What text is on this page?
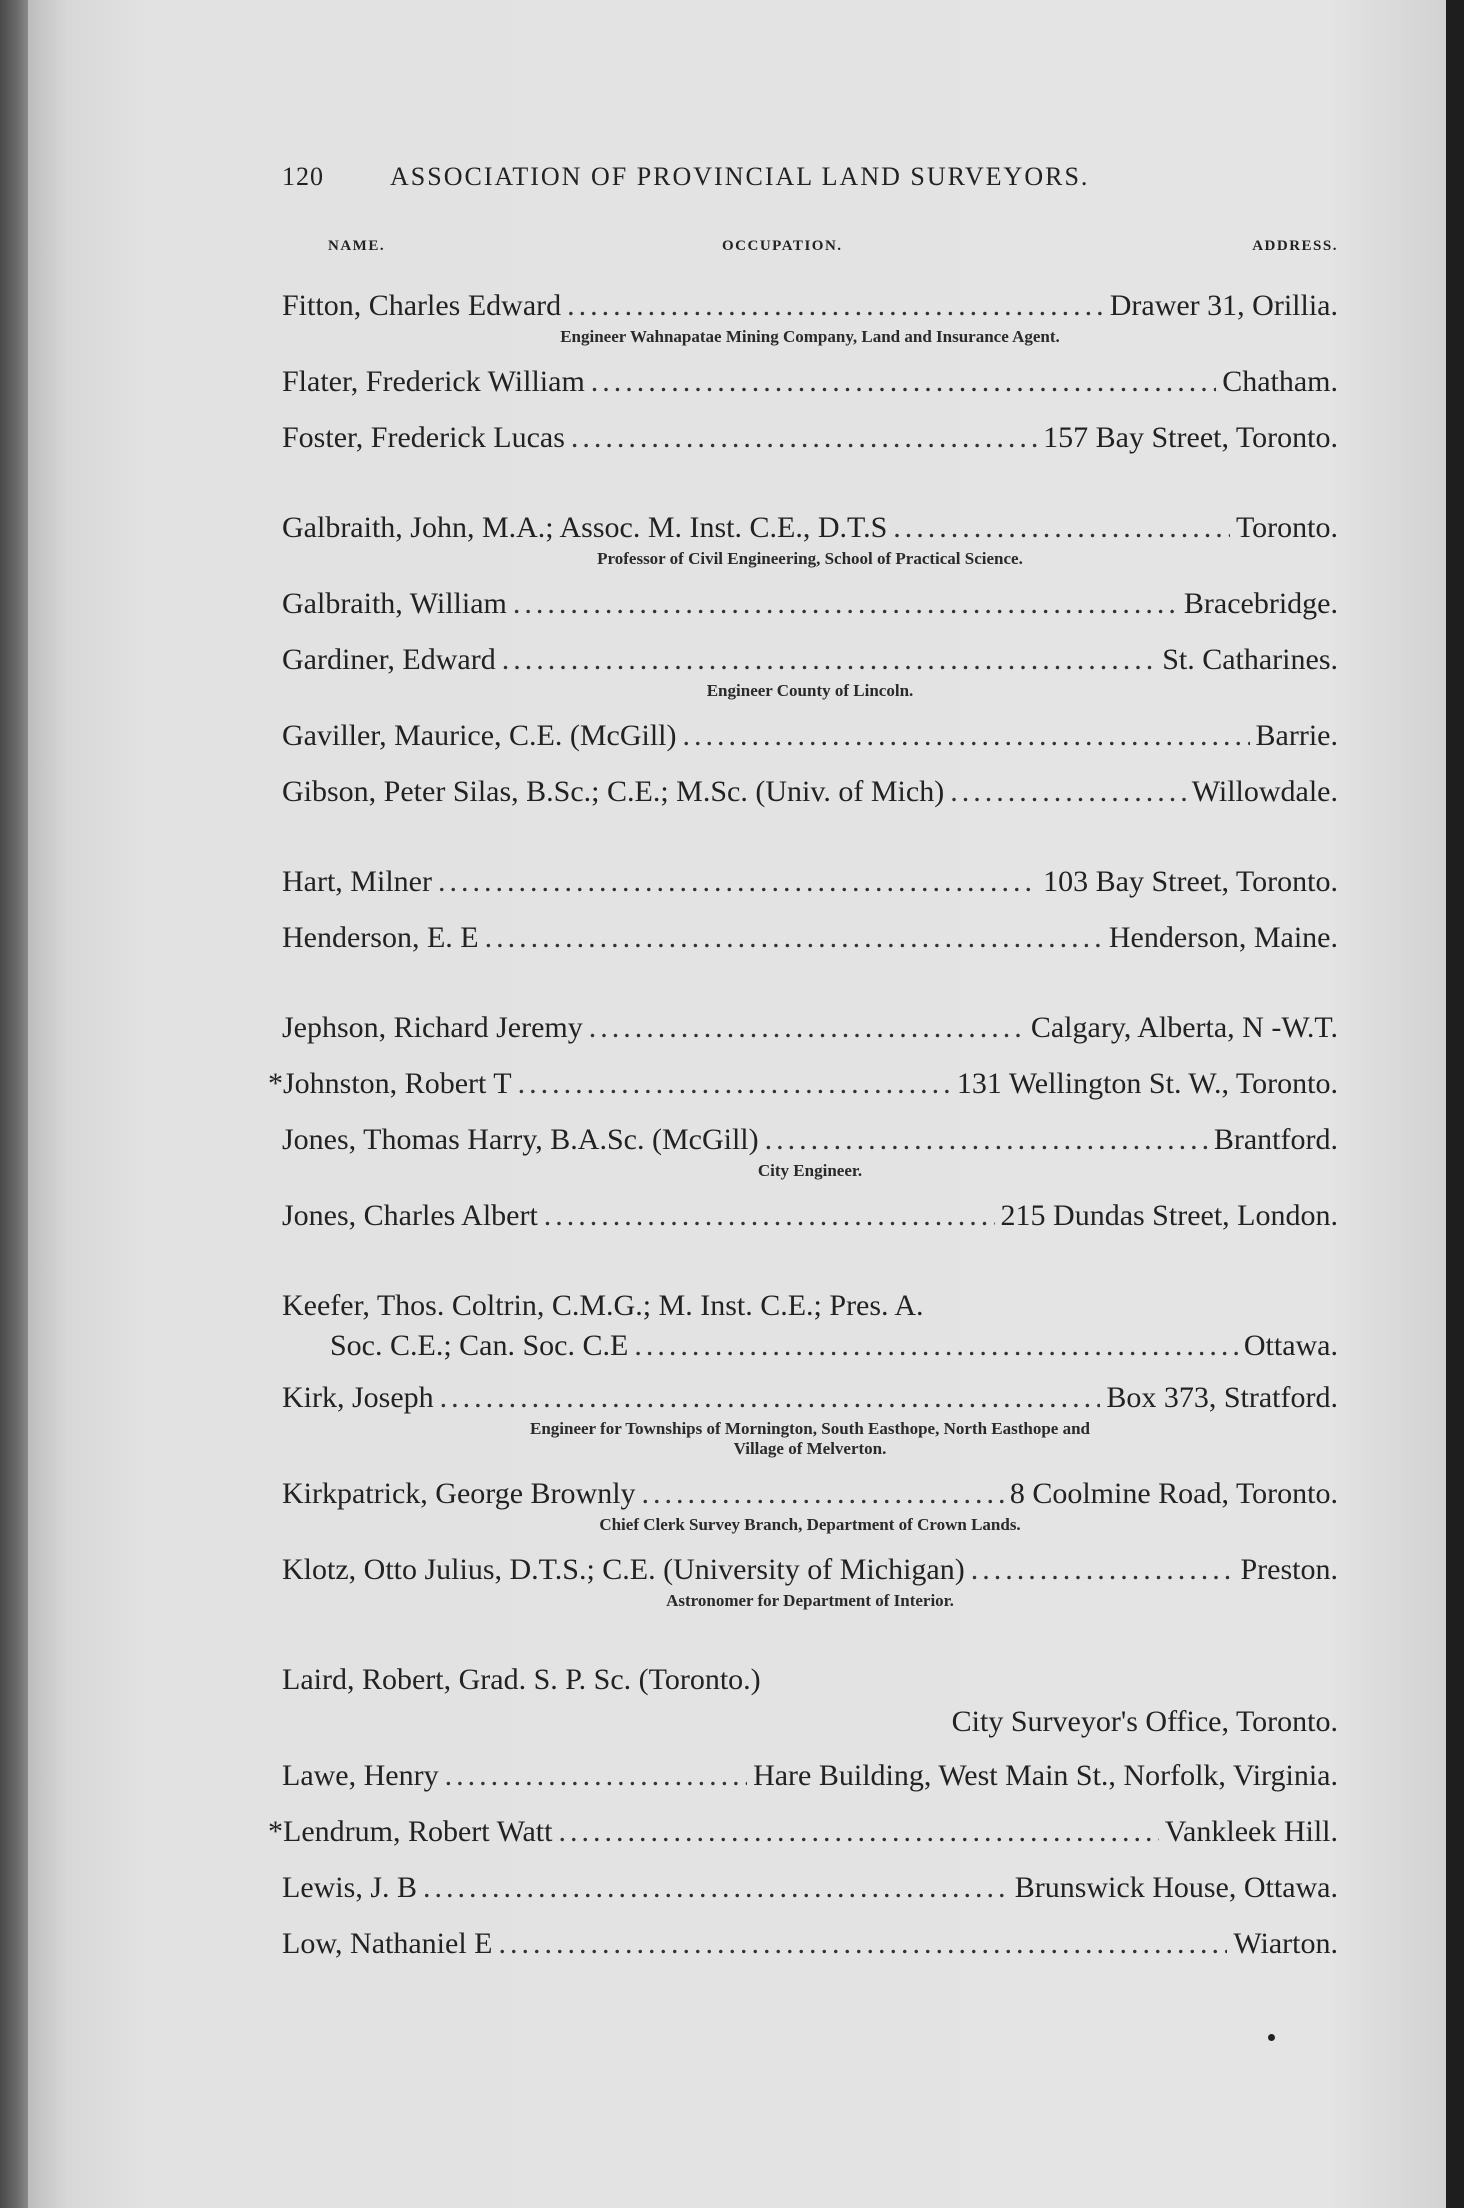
120	ASSOCIATION OF PROVINCIAL LAND SURVEYORS.
NAME.	OCCUPATION.	ADDRESS.
Fitton, Charles Edward .....	Drawer 31, Orillia.
Engineer Wahnapatae Mining Company, Land and Insurance Agent.
Flater, Frederick William .....	Chatham.
Foster, Frederick Lucas .....	157 Bay Street, Toronto.
Galbraith, John, M.A.; Assoc. M. Inst. C.E., D.T.S .....	Toronto.
Professor of Civil Engineering, School of Practical Science.
Galbraith, William .....	Bracebridge.
Gardiner, Edward .....	St. Catharines.
Engineer County of Lincoln.
Gaviller, Maurice, C.E. (McGill) .....	Barrie.
Gibson, Peter Silas, B.Sc.; C.E.; M.Sc. (Univ. of Mich) .....	Willowdale.
Hart, Milner .....	103 Bay Street, Toronto.
Henderson, E. E .....	Henderson, Maine.
Jephson, Richard Jeremy .....	Calgary, Alberta, N -W.T.
*Johnston, Robert T .....	131 Wellington St. W., Toronto.
Jones, Thomas Harry, B.A.Sc. (McGill) .....	Brantford.
City Engineer.
Jones, Charles Albert .....	215 Dundas Street, London.
Keefer, Thos. Coltrin, C.M.G.; M. Inst. C.E.; Pres. A.
Soc. C.E.; Can. Soc. C.E .....	Ottawa.
Kirk, Joseph .....	Box 373, Stratford.
Engineer for Townships of Mornington, South Easthope, North Easthope and
Village of Melverton.
Kirkpatrick, George Brownly .....	8 Coolmine Road, Toronto.
Chief Clerk Survey Branch, Department of Crown Lands.
Klotz, Otto Julius, D.T.S.; C.E. (University of Michigan) .....	Preston.
Astronomer for Department of Interior.
Laird, Robert, Grad. S. P. Sc. (Toronto.)
City Surveyor's Office, Toronto.
Lawe, Henry .....	Hare Building, West Main St., Norfolk, Virginia.
*Lendrum, Robert Watt .....	Vankleek Hill.
Lewis, J. B .....	Brunswick House, Ottawa.
Low, Nathaniel E .....	Wiarton.
